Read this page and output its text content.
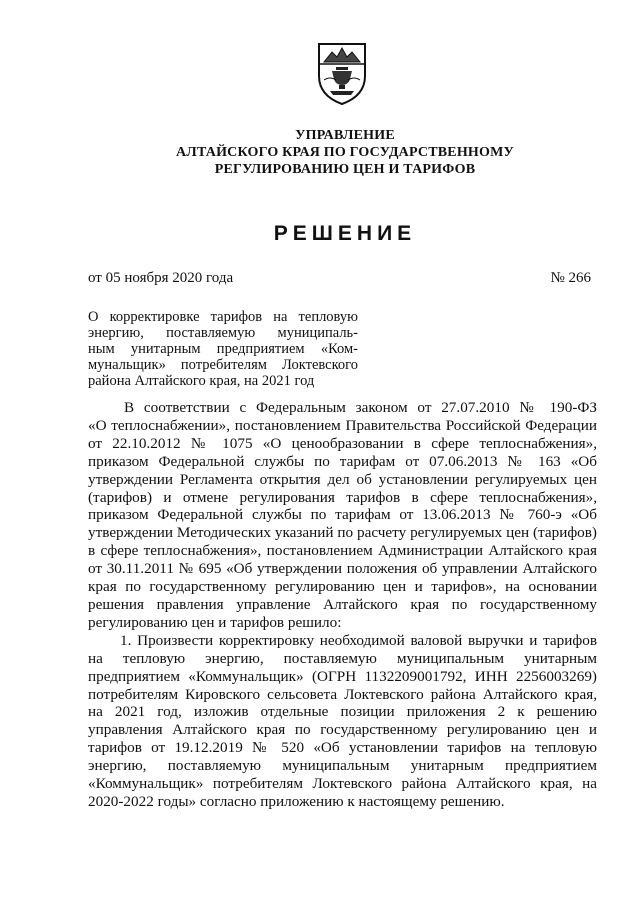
УПРАВЛЕНИЕ
АЛТАЙСКОГО КРАЯ ПО ГОСУДАРСТВЕННОМУ
РЕГУЛИРОВАНИЮ ЦЕН И ТАРИФОВ
РЕШЕНИЕ
от 05 ноября 2020 года	№ 266
О корректировке тарифов на тепловую
энергию, поставляемую муниципаль-
ным унитарным предприятием «Ком-
мунальщик» потребителям Локтевского
района Алтайского края, на 2021 год
В соответствии с Федеральным законом от 27.07.2010 № 190-ФЗ
«О теплоснабжении», постановлением Правительства Российской Федерации
от 22.10.2012 № 1075 «О ценообразовании в сфере теплоснабжения»,
приказом Федеральной службы по тарифам от 07.06.2013 № 163 «Об
утверждении Регламента открытия дел об установлении регулируемых цен
(тарифов) и отмене регулирования тарифов в сфере теплоснабжения»,
приказом Федеральной службы по тарифам от 13.06.2013 № 760-э «Об
утверждении Методических указаний по расчету регулируемых цен (тарифов)
в сфере теплоснабжения», постановлением Администрации Алтайского края
от 30.11.2011 № 695 «Об утверждении положения об управлении Алтайского
края по государственному регулированию цен и тарифов», на основании
решения правления управление Алтайского края по государственному
регулированию цен и тарифов решило:
1. Произвести корректировку необходимой валовой выручки и тарифов
на тепловую энергию, поставляемую муниципальным унитарным
предприятием «Коммунальщик» (ОГРН 1132209001792, ИНН 2256003269)
потребителям Кировского сельсовета Локтевского района Алтайского края,
на 2021 год, изложив отдельные позиции приложения 2 к решению
управления Алтайского края по государственному регулированию цен и
тарифов от 19.12.2019 № 520 «Об установлении тарифов на тепловую
энергию, поставляемую муниципальным унитарным предприятием
«Коммунальщик» потребителям Локтевского района Алтайского края, на
2020-2022 годы» согласно приложению к настоящему решению.
